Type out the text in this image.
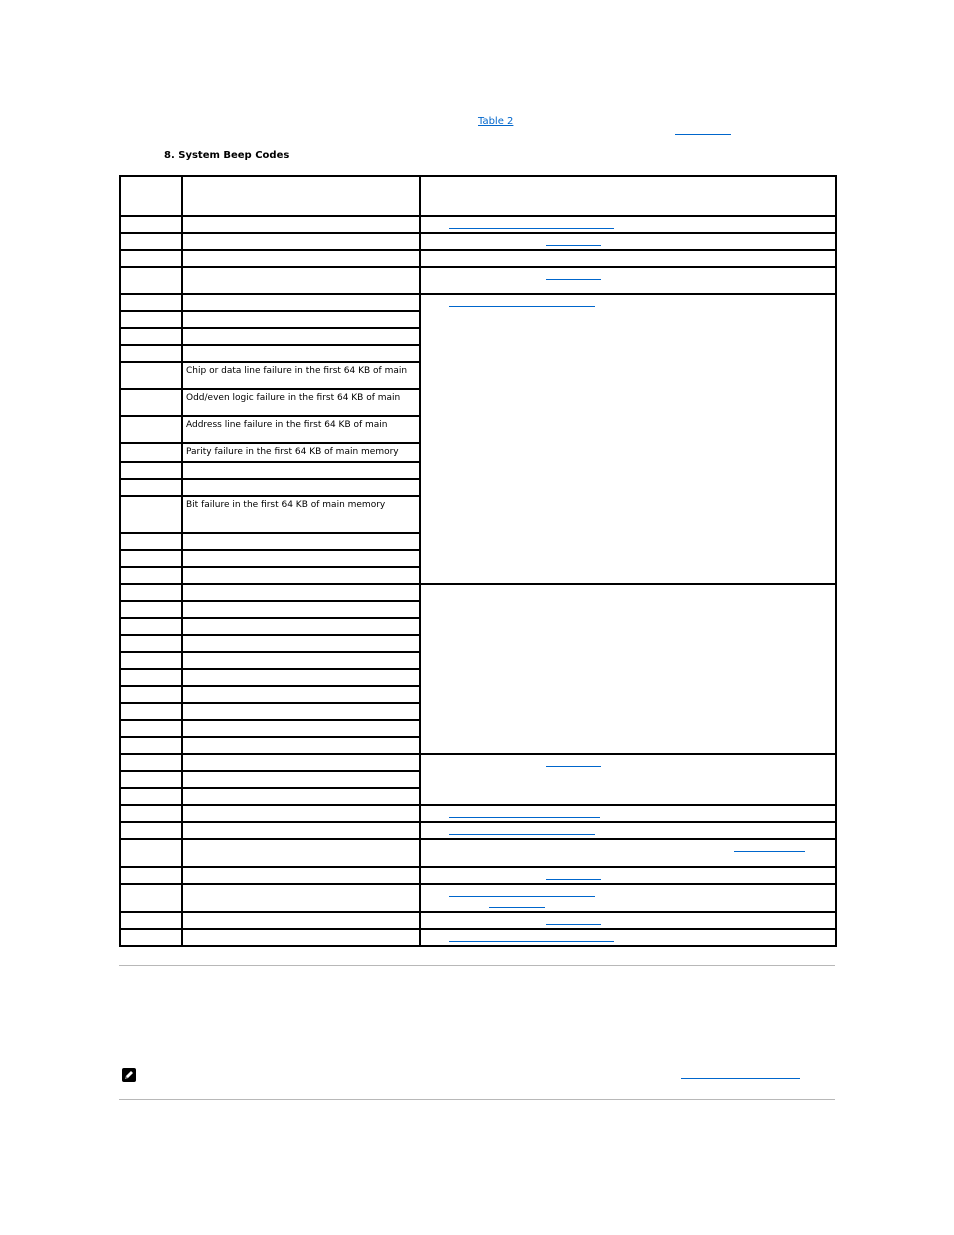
Table 2
8. System Beep Codes

	Chip or data line failure in the first 64 KB of main		
	Odd/even logic failure in the first 64 KB of main		
	Address line failure in the first 64 KB of main		
	Parity failure in the first 64 KB of main memory		

	Bit failure in the first 64 KB of main memory		
